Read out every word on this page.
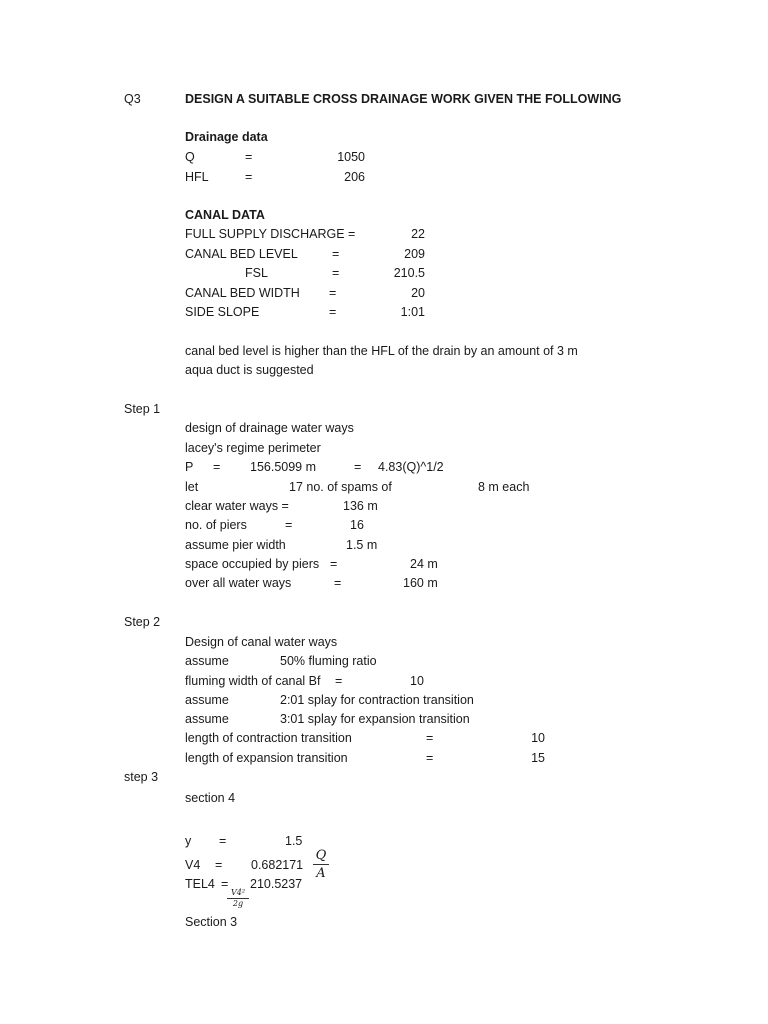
Q3	DESIGN A SUITABLE CROSS DRAINAGE WORK GIVEN THE FOLLOWING
Drainage data
Q	=	1050
HFL	=	206
CANAL DATA
FULL SUPPLY DISCHARGE =	22
CANAL BED LEVEL	=	209
FSL	=	210.5
CANAL BED WIDTH =	20
SIDE SLOPE	=	1:01
canal bed level is higher than the HFL of the drain by an amount of 3 m
aqua duct is suggested
Step 1
design of drainage water ways
lacey's regime perimeter
P = 156.5099 m	= 4.83(Q)^1/2
let	17 no. of spams of	8 m each
clear water ways =	136 m
no. of piers	=	16
assume pier width	1.5 m
space occupied by piers =	24 m
over all water ways	=	160 m
Step 2
Design of canal water ways
assume	50% fluming ratio
fluming width of canal Bf =	10
assume	2:01 splay for contraction transition
assume	3:01 splay for expansion transition
length of contraction transition	=	10
length of expansion transition	=	15
step 3
section 4
y =	1.5
V4 = 0.682171
Q
A
TEL4 = 210.5237
V4²
2g
Section 3
